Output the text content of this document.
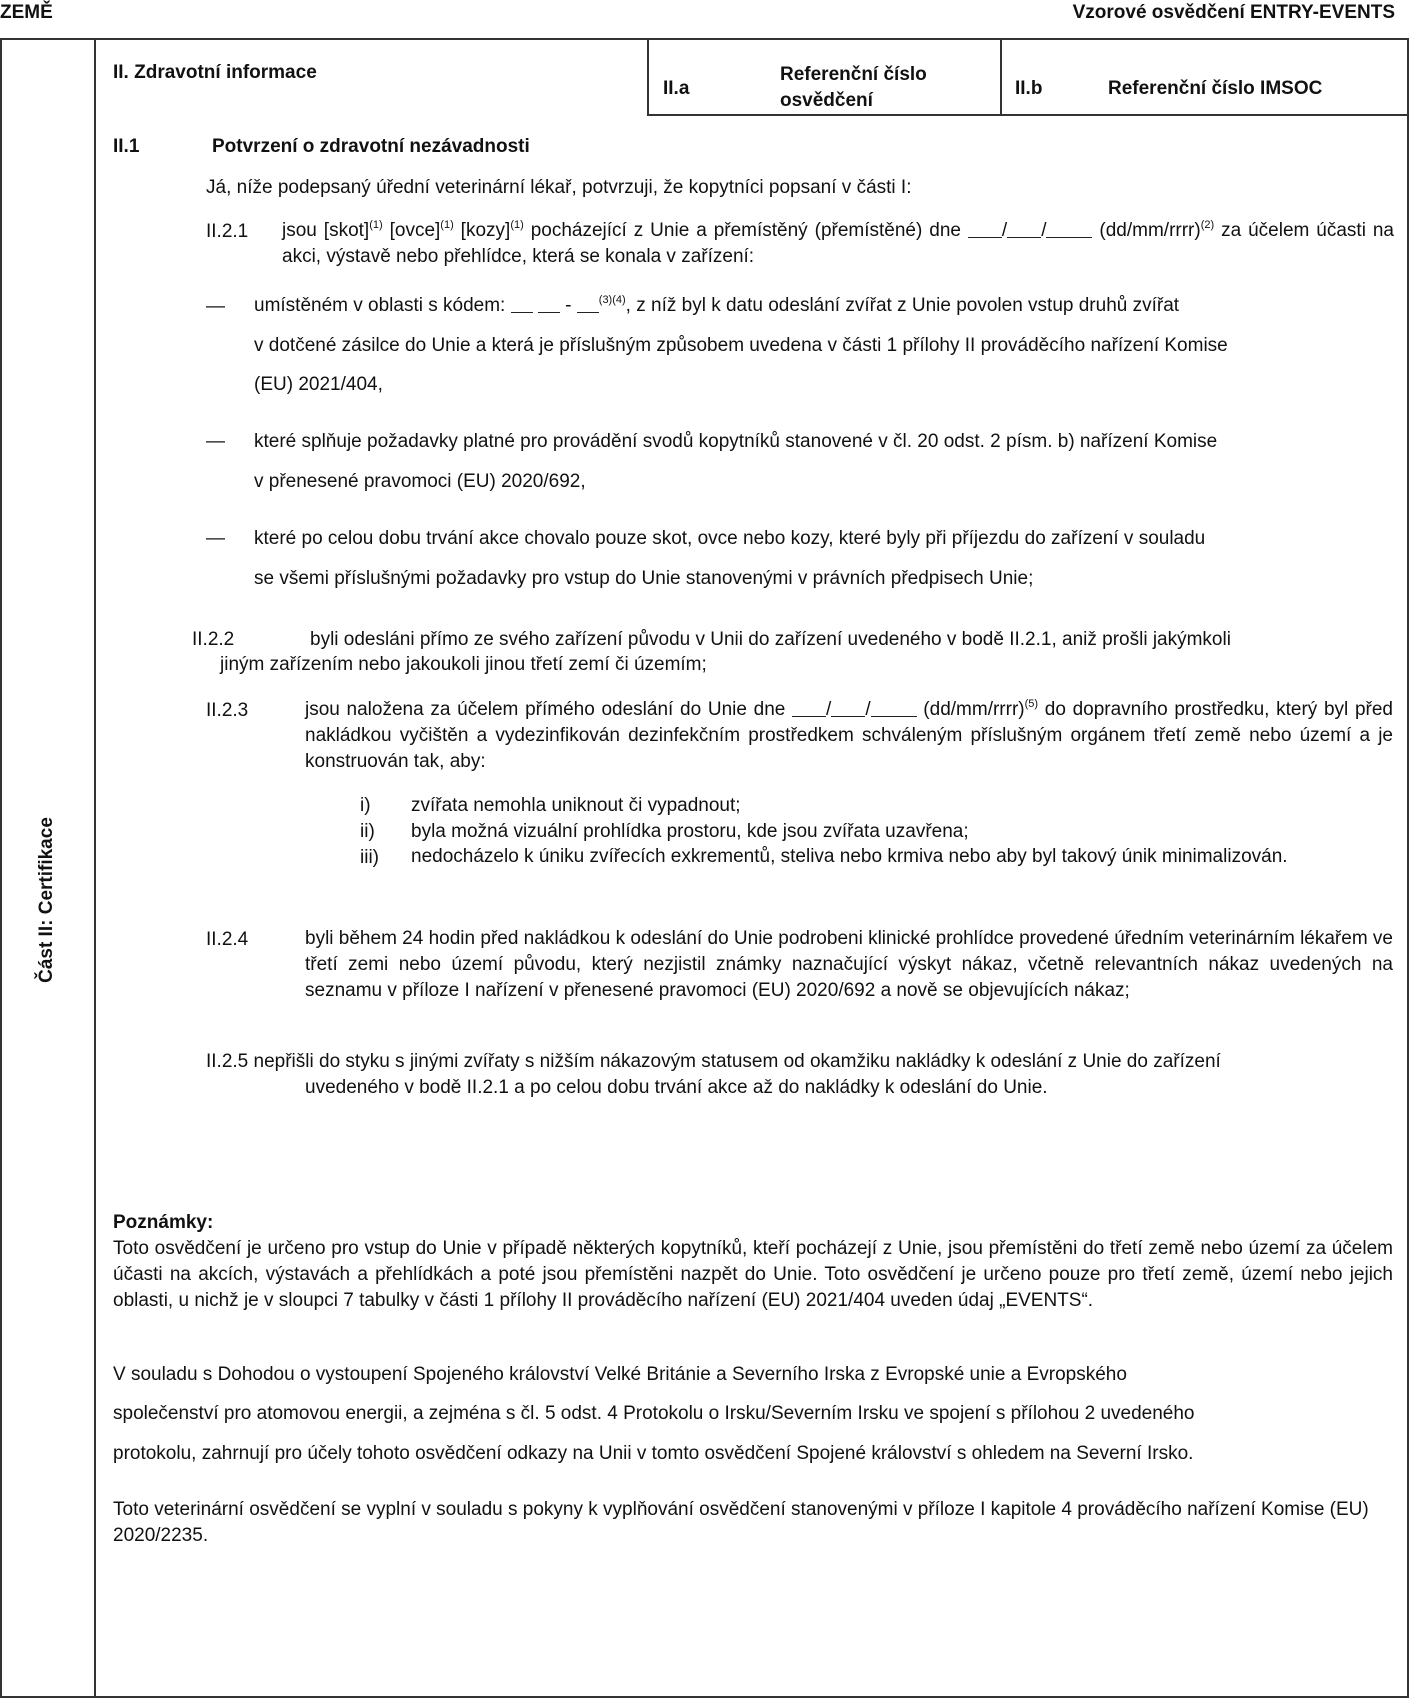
ZEMĚ	Vzorové osvědčení ENTRY-EVENTS
Část II: Certifikace
II. Zdravotní informace
II.a
Referenční číslo osvědčení
II.b	Referenční číslo IMSOC
II.1	Potvrzení o zdravotní nezávadnosti
Já, níže podepsaný úřední veterinární lékař, potvrzuji, že kopytníci popsaní v části I:
II.2.1 jsou [skot]$^{(1)}$ [ovce]$^{(1)}$ [kozy]$^{(1)}$ pocházející z Unie a přemístěný (přemístěné) dne / /	(dd/mm/rrrr)$^{(2)}$ za účelem účasti na akci, výstavě nebo přehlídce, která se konala v zařízení:
— umístěném v oblasti s kódem:	- $^{(3)(4)}$, z níž byl k datu odeslání zvířat z Unie povolen vstup druhů zvířat
v dotčené zásilce do Unie a která je příslušným způsobem uvedena v části 1 přílohy II prováděcího nařízení Komise
(EU) 2021/404,
— které splňuje požadavky platné pro provádění svodů kopytníků stanovené v čl. 20 odst. 2 písm. b) nařízení Komise
v přenesené pravomoci (EU) 2020/692,
— které po celou dobu trvání akce chovalo pouze skot, ovce nebo kozy, které byly při příjezdu do zařízení v souladu
se všemi příslušnými požadavky pro vstup do Unie stanovenými v právních předpisech Unie;
II.2.2	byli odesláni přímo ze svého zařízení původu v Unii do zařízení uvedeného v bodě II.2.1, aniž prošli jakýmkoli
jiným zařízením nebo jakoukoli jinou třetí zemí či územím;
II.2.3	jsou naložena za účelem přímého odeslání do Unie dne / /	(dd/mm/rrrr)$^{(5)}$ do dopravního prostředku, který byl před nakládkou vyčištěn a vydezinfikován dezinfekčním prostředkem schváleným příslušným orgánem třetí země nebo území a je konstruován tak, aby:
i) zvířata nemohla uniknout či vypadnout;
ii) byla možná vizuální prohlídka prostoru, kde jsou zvířata uzavřena;
iii) nedocházelo k úniku zvířecích exkrementů, steliva nebo krmiva nebo aby byl takový únik minimalizován.
II.2.4	byli během 24 hodin před nakládkou k odeslání do Unie podrobeni klinické prohlídce provedené úředním veterinárním lékařem ve třetí zemi nebo území původu, který nezjistil známky naznačující výskyt nákaz, včetně relevantních nákaz uvedených na seznamu v příloze I nařízení v přenesené pravomoci (EU) 2020/692 a nově se objevujících nákaz;
II.2.5 nepřišli do styku s jinými zvířaty s nižším nákazovým statusem od okamžiku nakládky k odeslání z Unie do zařízení
uvedeného v bodě II.2.1 a po celou dobu trvání akce až do nakládky k odeslání do Unie.
Poznámky:
Toto osvědčení je určeno pro vstup do Unie v případě některých kopytníků, kteří pocházejí z Unie, jsou přemístěni do třetí země nebo území za účelem účasti na akcích, výstavách a přehlídkách a poté jsou přemístěni nazpět do Unie. Toto osvědčení je určeno pouze pro třetí země, území nebo jejich oblasti, u nichž je v sloupci 7 tabulky v části 1 přílohy II prováděcího nařízení (EU) 2021/404 uveden údaj „EVENTS“.
V souladu s Dohodou o vystoupení Spojeného království Velké Británie a Severního Irska z Evropské unie a Evropského
společenství pro atomovou energii, a zejména s čl. 5 odst. 4 Protokolu o Irsku/Severním Irsku ve spojení s přílohou 2 uvedeného
protokolu, zahrnují pro účely tohoto osvědčení odkazy na Unii v tomto osvědčení Spojené království s ohledem na Severní Irsko.
Toto veterinární osvědčení se vyplní v souladu s pokyny k vyplňování osvědčení stanovenými v příloze I kapitole 4 prováděcího nařízení Komise (EU) 2020/2235.
